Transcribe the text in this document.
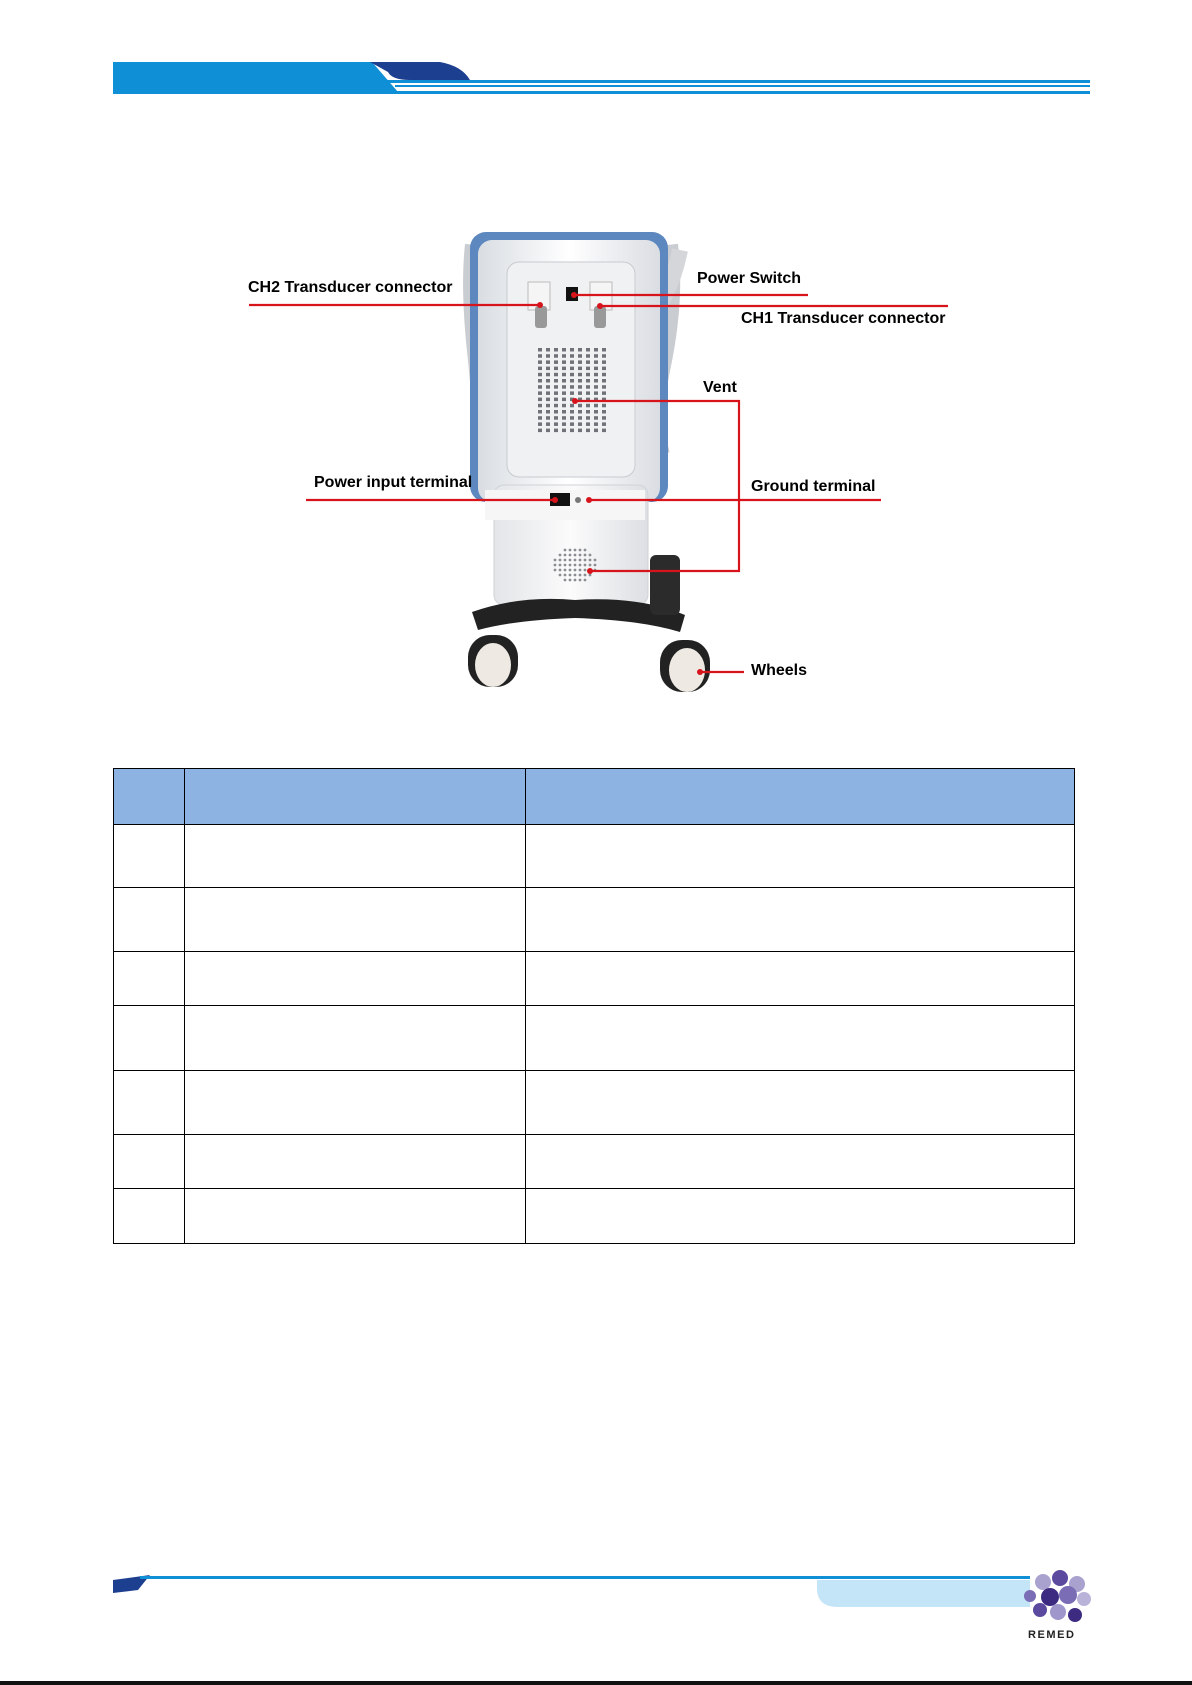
CH2 Transducer connector
Power Switch
CH1 Transducer connector
Vent
Power input terminal	Ground terminal
Wheels

REMED
